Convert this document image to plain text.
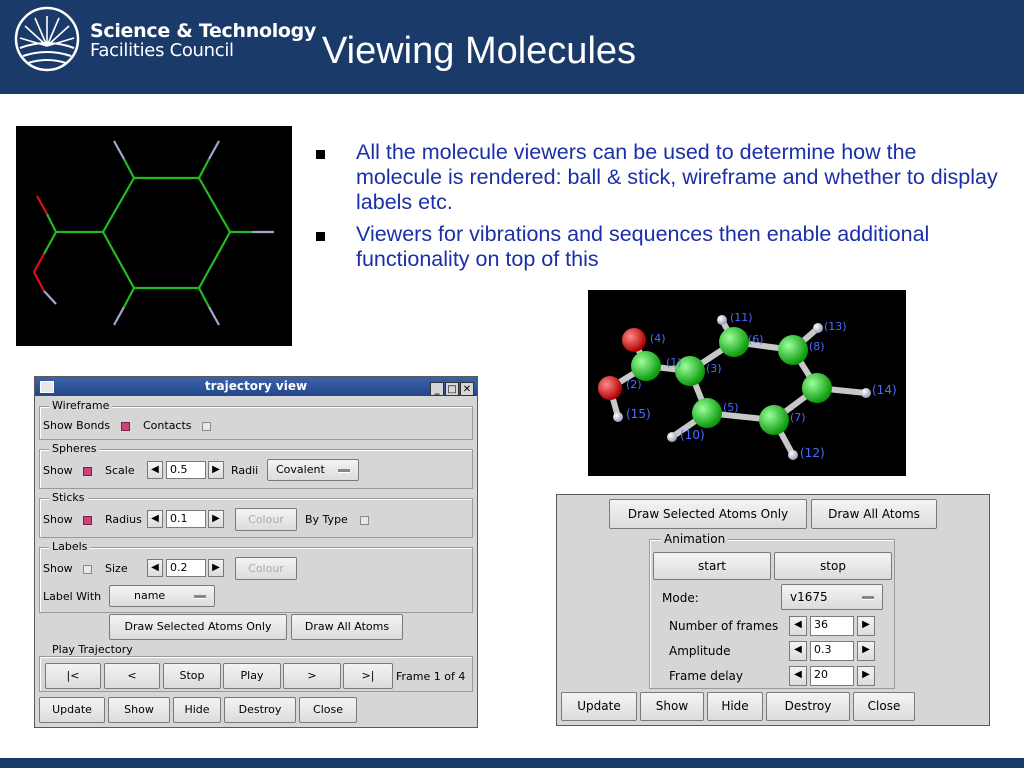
Science & Technology
Facilities Council	Viewing Molecules
All the molecule viewers can be used to determine how the molecule is rendered: ball & stick, wireframe and whether to display labels etc.
Viewers for vibrations and sequences then enable additional functionality on top of this
(11)
(13)
(4)
(1)
(2)
(3)
(14)
(15)
(10)
(12)
(5)
(7)
(6)
(8)
trajectory view	_ □ ✕
Wireframe
Show Bonds	Contacts
Spheres
Show	Scale	◀	0.5	▶	Radii Covalent
Sticks
Show	Radius ◀	0.1	▶	Colour	By Type
Labels
Show	Size	◀	0.2	▶	Colour
Label With	name
Draw Selected Atoms Only	Draw All Atoms
Play Trajectory
|<	<	Stop	Play	>	>|	Frame 1 of 4
Update	Show	Hide	Destroy	Close
Draw Selected Atoms Only	Draw All Atoms
Animation
start	stop
Mode:	v1675
Number of frames	◀	36	▶
Amplitude	◀	0.3	▶
Frame delay	◀	20	▶
Update	Show	Hide	Destroy	Close
